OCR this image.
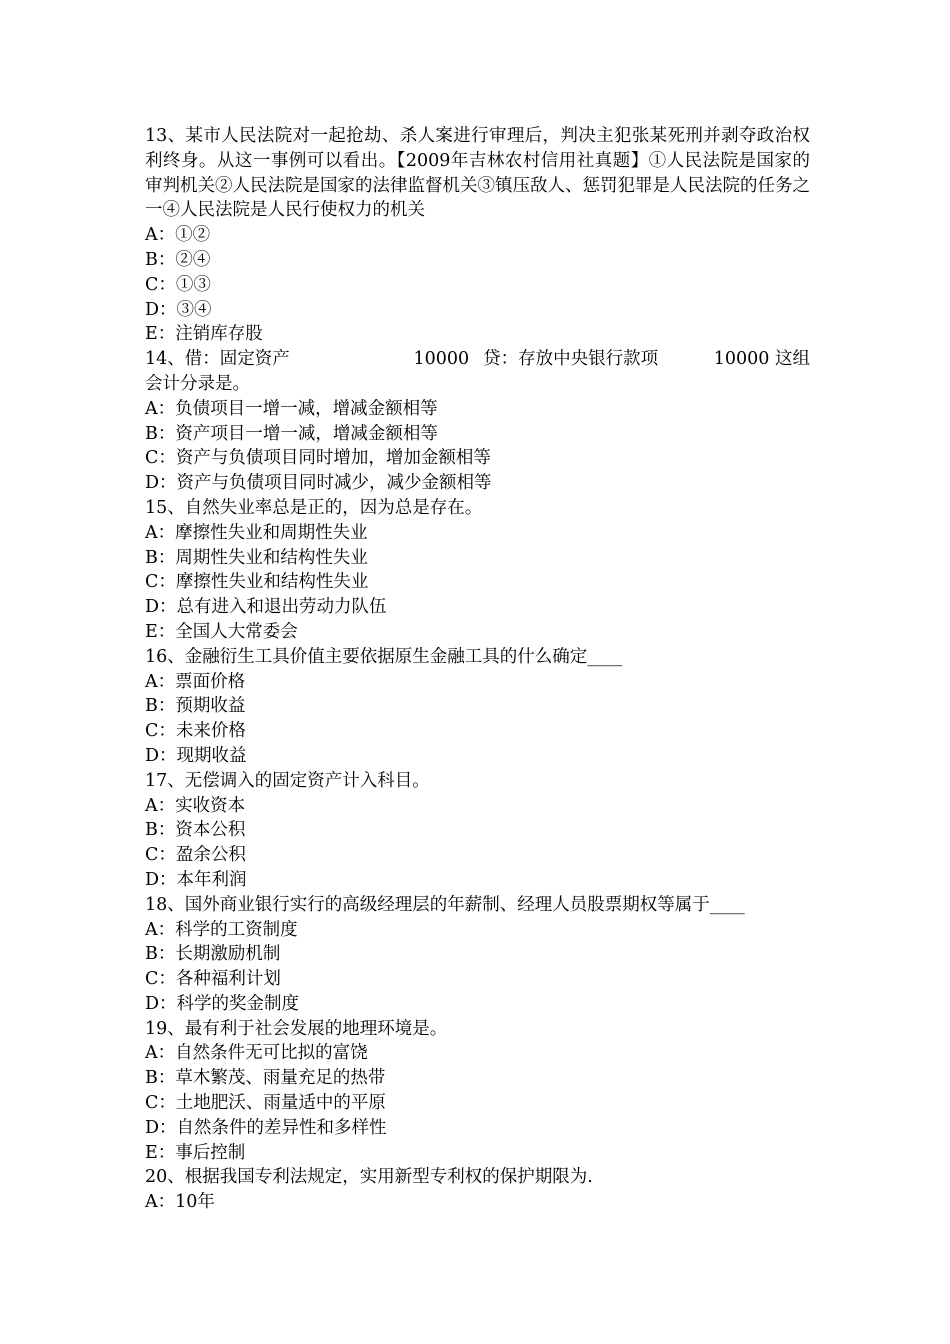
13、某市人民法院对一起抢劫、杀人案进行审理后，判决主犯张某死刑并剥夺政治权利终身。从这一事例可以看出。【2009年吉林农村信用社真题】①人民法院是国家的审判机关②人民法院是国家的法律监督机关③镇压敌人、惩罚犯罪是人民法院的任务之一④人民法院是人民行使权力的机关

A：①②

B：②④

C：①③

D：③④

E：注销库存股

14、借：固定资产	10000 贷：存放中央银行款项	10000 这组

会计分录是。

A：负债项目一增一减，增减金额相等

B：资产项目一增一减，增减金额相等

C：资产与负债项目同时增加，增加金额相等

D：资产与负债项目同时减少，减少金额相等

15、自然失业率总是正的，因为总是存在。

A：摩擦性失业和周期性失业

B：周期性失业和结构性失业

C：摩擦性失业和结构性失业

D：总有进入和退出劳动力队伍

E：全国人大常委会

16、金融衍生工具价值主要依据原生金融工具的什么确定____

A：票面价格

B：预期收益

C：未来价格

D：现期收益

17、无偿调入的固定资产计入科目。

A：实收资本

B：资本公积

C：盈余公积

D：本年利润

18、国外商业银行实行的高级经理层的年薪制、经理人员股票期权等属于____

A：科学的工资制度

B：长期激励机制

C：各种福利计划

D：科学的奖金制度

19、最有利于社会发展的地理环境是。

A：自然条件无可比拟的富饶

B：草木繁茂、雨量充足的热带

C：土地肥沃、雨量适中的平原

D：自然条件的差异性和多样性

E：事后控制

20、根据我国专利法规定，实用新型专利权的保护期限为.

A：10年
